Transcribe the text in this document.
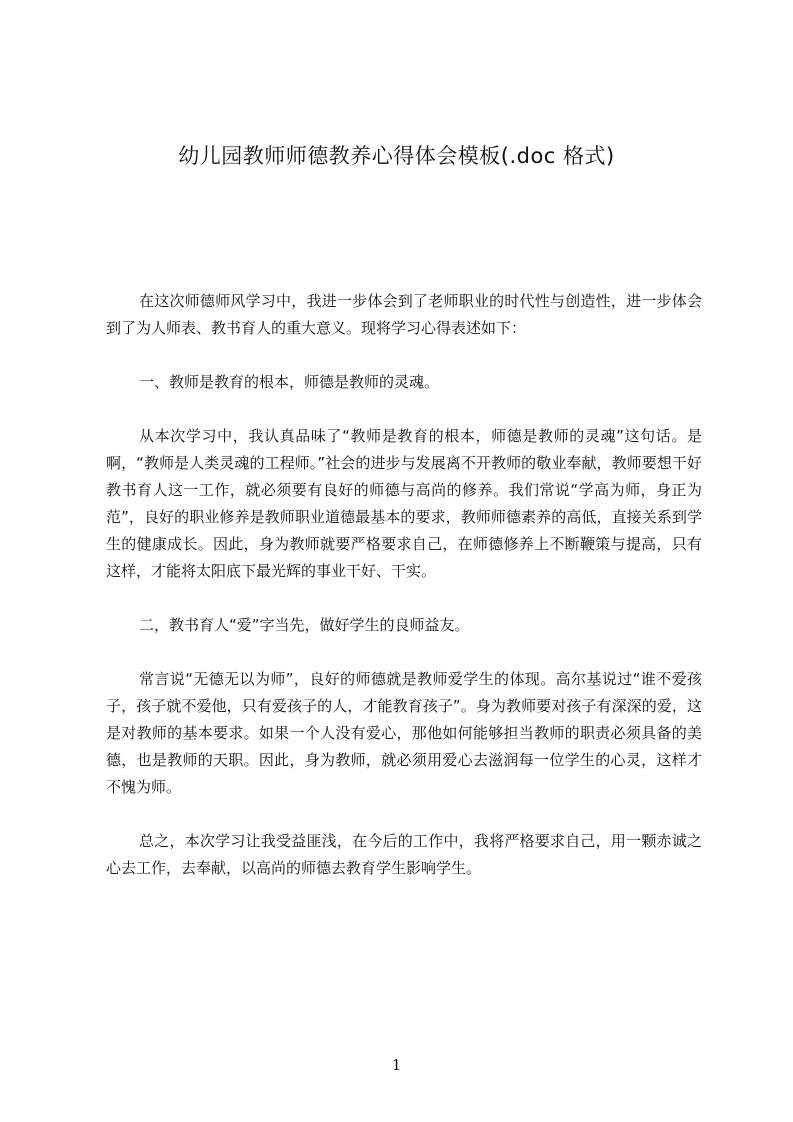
幼儿园教师师德教养心得体会模板(.doc 格式)

在这次师德师风学习中，我进一步体会到了老师职业的时代性与创造性，进一步体会到了为人师表、教书育人的重大意义。现将学习心得表述如下：

一、教师是教育的根本，师德是教师的灵魂。

从本次学习中，我认真品味了“教师是教育的根本，师德是教师的灵魂”这句话。是啊，“教师是人类灵魂的工程师。”社会的进步与发展离不开教师的敬业奉献，教师要想干好教书育人这一工作，就必须要有良好的师德与高尚的修养。我们常说“学高为师，身正为范”，良好的职业修养是教师职业道德最基本的要求，教师师德素养的高低，直接关系到学生的健康成长。因此，身为教师就要严格要求自己，在师德修养上不断鞭策与提高，只有这样，才能将太阳底下最光辉的事业干好、干实。

二，教书育人“爱”字当先，做好学生的良师益友。

常言说“无德无以为师”，良好的师德就是教师爱学生的体现。高尔基说过“谁不爱孩子，孩子就不爱他，只有爱孩子的人，才能教育孩子”。身为教师要对孩子有深深的爱，这是对教师的基本要求。如果一个人没有爱心，那他如何能够担当教师的职责必须具备的美德，也是教师的天职。因此，身为教师，就必须用爱心去滋润每一位学生的心灵，这样才不愧为师。

总之，本次学习让我受益匪浅，在今后的工作中，我将严格要求自己，用一颗赤诚之心去工作，去奉献，以高尚的师德去教育学生影响学生。

1
